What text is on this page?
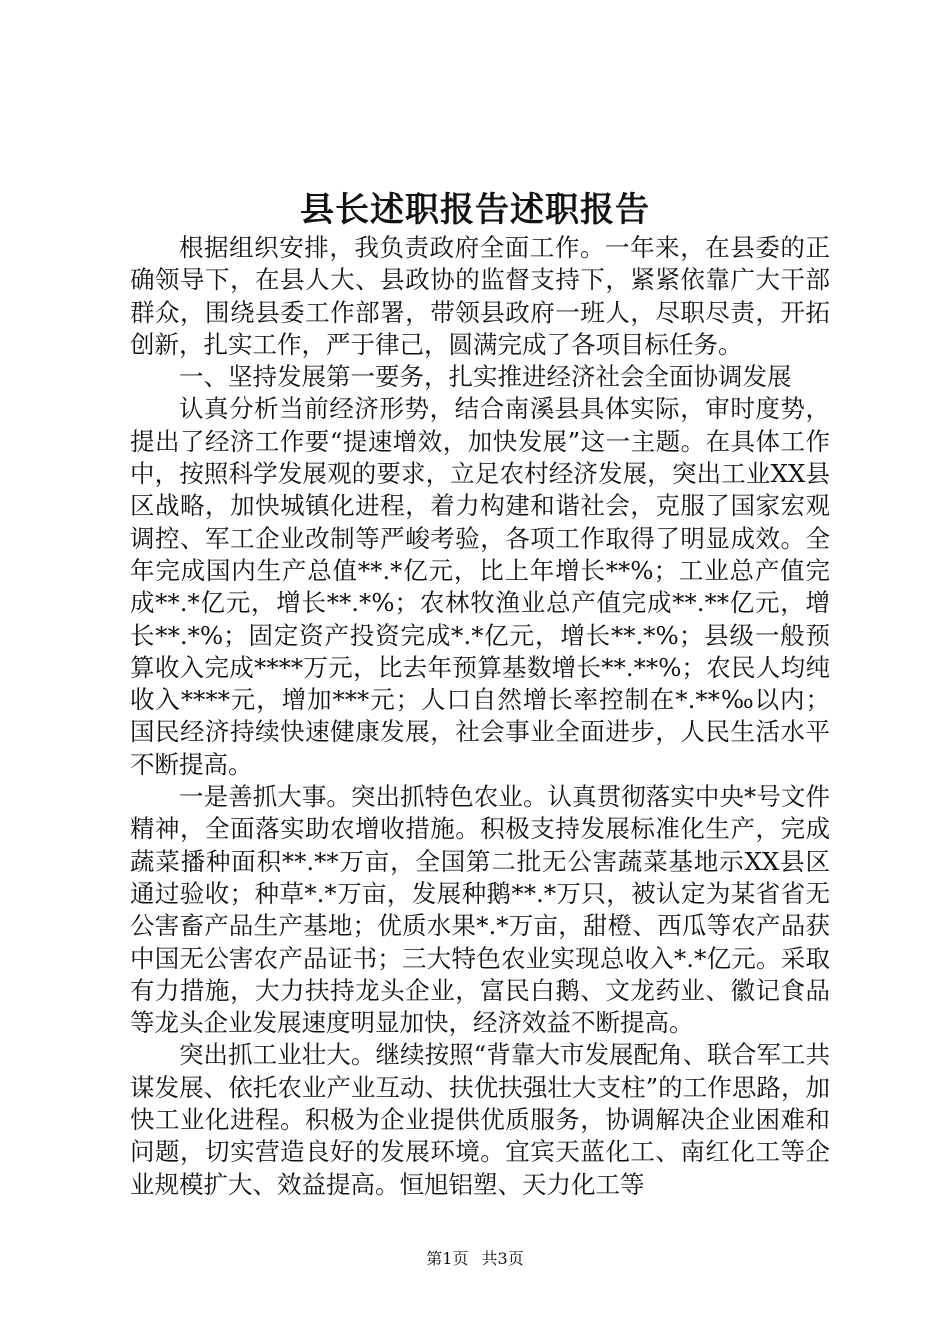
县长述职报告述职报告

根据组织安排，我负责政府全面工作。一年来，在县委的正确领导下，在县人大、县政协的监督支持下，紧紧依靠广大干部群众，围绕县委工作部署，带领县政府一班人，尽职尽责，开拓创新，扎实工作，严于律己，圆满完成了各项目标任务。

一、坚持发展第一要务，扎实推进经济社会全面协调发展

认真分析当前经济形势，结合南溪县具体实际，审时度势，提出了经济工作要“提速增效，加快发展”这一主题。在具体工作中，按照科学发展观的要求，立足农村经济发展，突出工业XX县区战略，加快城镇化进程，着力构建和谐社会，克服了国家宏观调控、军工企业改制等严峻考验，各项工作取得了明显成效。全年完成国内生产总值**.*亿元，比上年增长**%；工业总产值完成**.*亿元，增长**.*%；农林牧渔业总产值完成**.**亿元，增长**.*%；固定资产投资完成*.*亿元，增长**.*%；县级一般预算收入完成****万元，比去年预算基数增长**.**%；农民人均纯收入****元，增加***元；人口自然增长率控制在*.**‰以内；国民经济持续快速健康发展，社会事业全面进步，人民生活水平不断提高。

一是善抓大事。突出抓特色农业。认真贯彻落实中央*号文件精神，全面落实助农增收措施。积极支持发展标准化生产，完成蔬菜播种面积**.**万亩，全国第二批无公害蔬菜基地示XX县区通过验收；种草*.*万亩，发展种鹅**.*万只，被认定为某省省无公害畜产品生产基地；优质水果*.*万亩，甜橙、西瓜等农产品获中国无公害农产品证书；三大特色农业实现总收入*.*亿元。采取有力措施，大力扶持龙头企业，富民白鹅、文龙药业、徽记食品等龙头企业发展速度明显加快，经济效益不断提高。

突出抓工业壮大。继续按照“背靠大市发展配角、联合军工共谋发展、依托农业产业互动、扶优扶强壮大支柱”的工作思路，加快工业化进程。积极为企业提供优质服务，协调解决企业困难和问题，切实营造良好的发展环境。宜宾天蓝化工、南红化工等企业规模扩大、效益提高。恒旭铝塑、天力化工等

第1页 共3页
